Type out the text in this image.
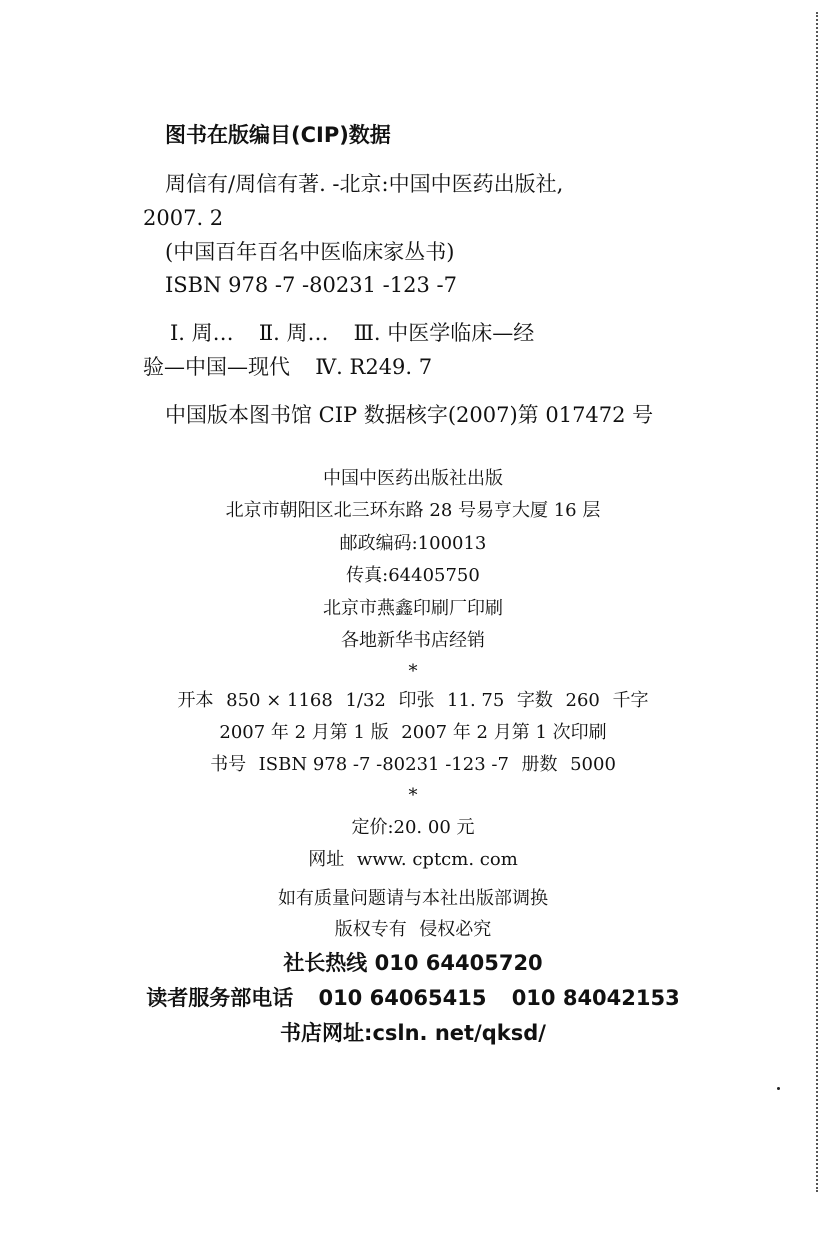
图书在版编目(CIP)数据
周信有/周信有著. -北京:中国中医药出版社,
2007. 2
(中国百年百名中医临床家丛书)
ISBN 978 -7 -80231 -123 -7
Ⅰ. 周… Ⅱ. 周… Ⅲ. 中医学临床—经
验—中国—现代 Ⅳ. R249. 7
中国版本图书馆 CIP 数据核字(2007)第 017472 号
中国中医药出版社出版
北京市朝阳区北三环东路 28 号易亨大厦 16 层
邮政编码:100013
传真:64405750
北京市燕鑫印刷厂印刷
各地新华书店经销
*
开本 850 × 1168 1/32 印张 11. 75 字数 260 千字
2007 年 2 月第 1 版 2007 年 2 月第 1 次印刷
书号 ISBN 978 -7 -80231 -123 -7 册数 5000
*
定价:20. 00 元
网址 www. cptcm. com
如有质量问题请与本社出版部调换
版权专有 侵权必究
社长热线 010 64405720
读者服务部电话 010 64065415 010 84042153
书店网址:csln. net/qksd/
